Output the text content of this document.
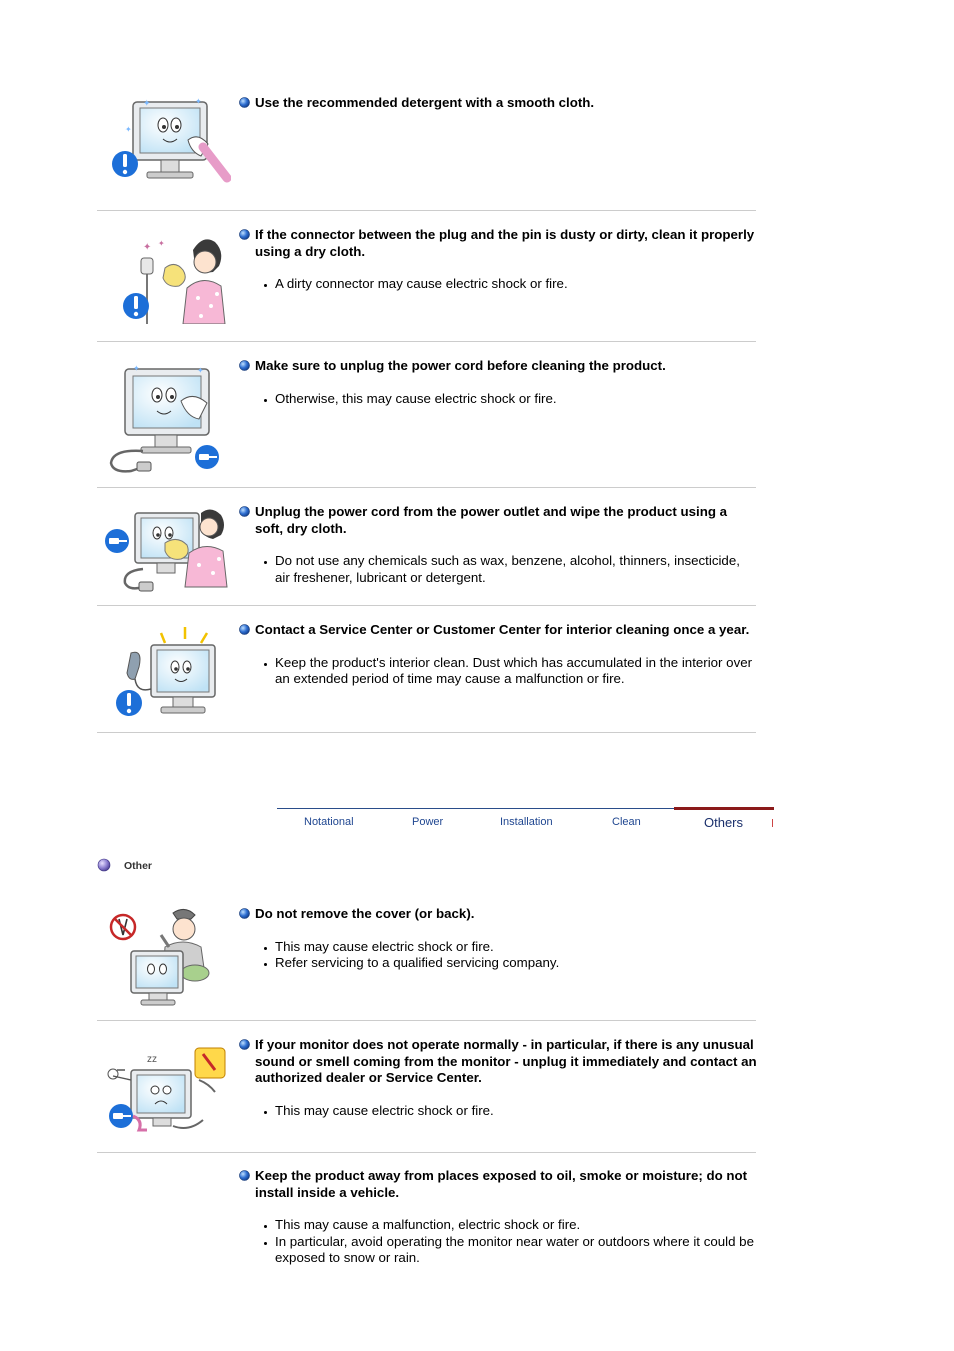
✦	✦
✦

Use the recommended detergent with a smooth cloth.

✦ ✦

If the connector between the plug and the pin is dusty or dirty, clean it properly using a dry cloth.

A dirty connector may cause electric shock or fire.
✦	✦	Make sure to unplug the power cord before cleaning the product.

Otherwise, this may cause electric shock or fire.

Unplug the power cord from the power outlet and wipe the product using a soft, dry cloth.

Do not use any chemicals such as wax, benzene, alcohol, thinners, insecticide, air freshener, lubricant or detergent.

Contact a Service Center or Customer Center for interior cleaning once a year.

Keep the product's interior clean. Dust which has accumulated in the interior over an extended period of time may cause a malfunction or fire.
Notational	Power	Installation	Clean	Others
Other

Do not remove the cover (or back).

This may cause electric shock or fire.
Refer servicing to a qualified servicing company.
zz

If your monitor does not operate normally - in particular, if there is any unusual sound or smell coming from the monitor - unplug it immediately and contact an authorized dealer or Service Center.

This may cause electric shock or fire.

Keep the product away from places exposed to oil, smoke or moisture; do not install inside a vehicle.

This may cause a malfunction, electric shock or fire.
In particular, avoid operating the monitor near water or outdoors where it could be exposed to snow or rain.
